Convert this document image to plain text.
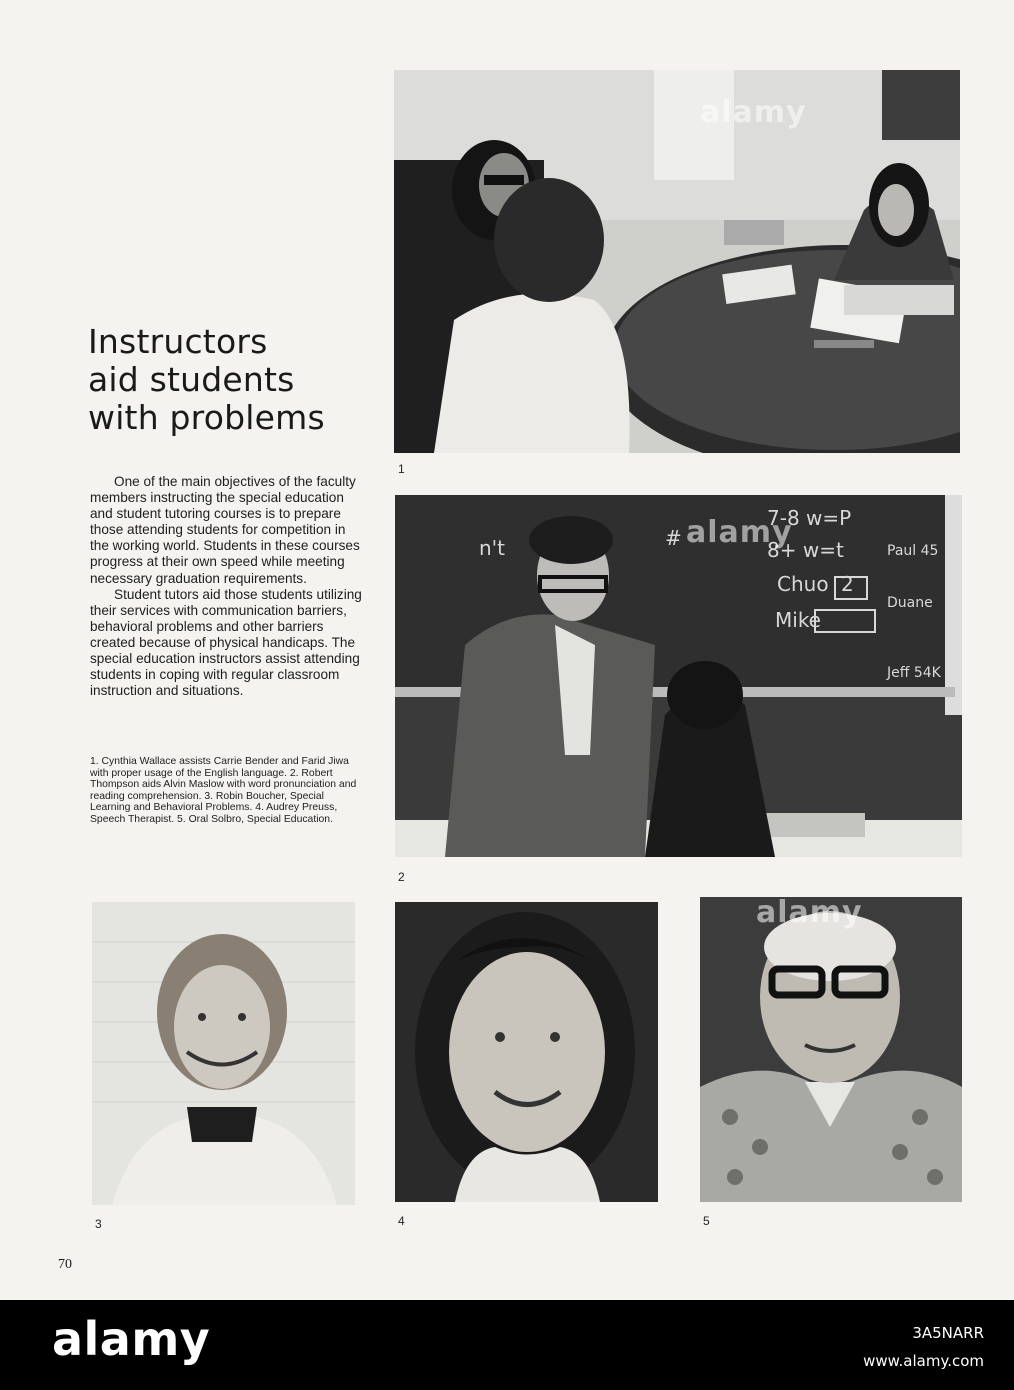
Instructors
aid students
with problems

One of the main objectives of the faculty members instructing the special education and student tutoring courses is to prepare those attending students for competition in the working world. Students in these courses progress at their own speed while meeting necessary graduation requirements.

Student tutors aid those students utilizing their services with communication barriers, behavioral problems and other barriers created because of physical handicaps. The special education instructors assist attending students in coping with regular classroom instruction and situations.

1. Cynthia Wallace assists Carrie Bender and Farid Jiwa with proper usage of the English language. 2. Robert Thompson aids Alvin Maslow with word pronunciation and reading comprehension. 3. Robin Boucher, Special Learning and Behavioral Problems. 4. Audrey Preuss, Speech Therapist. 5. Oral Solbro, Special Education.

1
7-8 w=P
8+ w=t
Chuo 2
Mike
n't	#
Paul 45
Duane
Jeff 54K
2
3	4	5
alamy
alamy
alamy
70
alamy	3A5NARR
www.alamy.com
